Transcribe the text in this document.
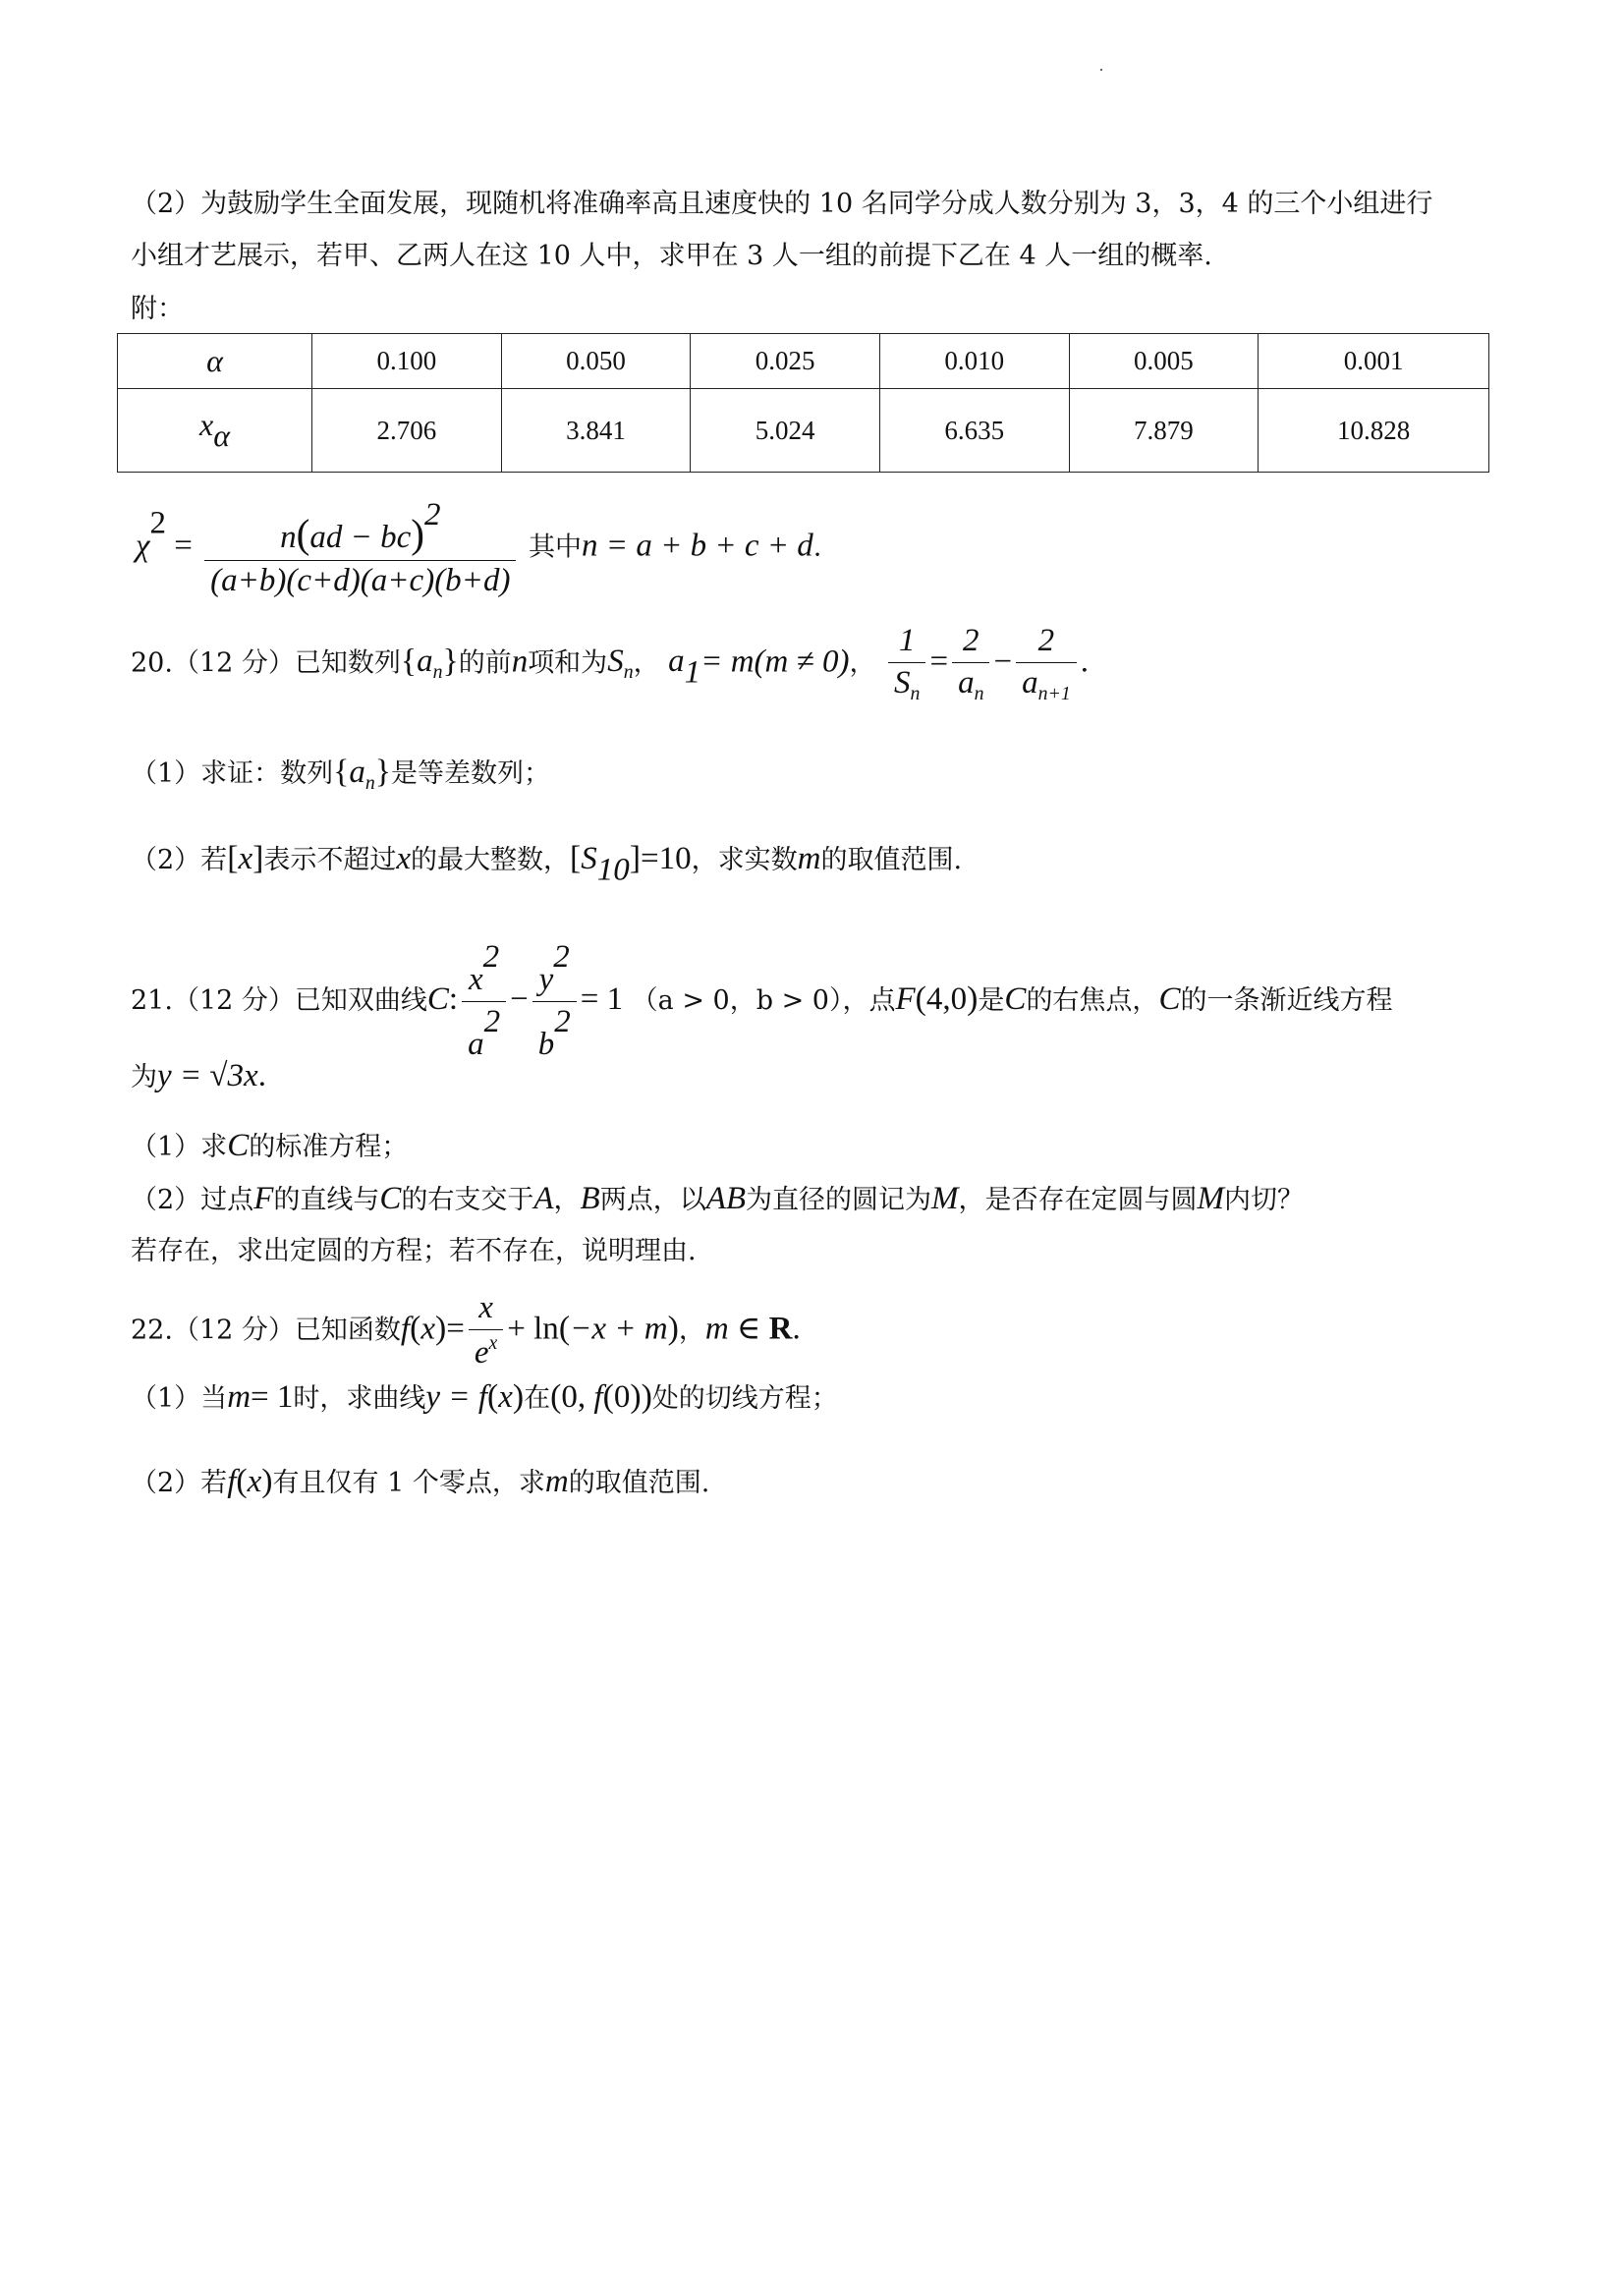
（2）为鼓励学生全面发展，现随机将准确率高且速度快的 10 名同学分成人数分别为 3，3，4 的三个小组进行
小组才艺展示，若甲、乙两人在这 10 人中，求甲在 3 人一组的前提下乙在 4 人一组的概率.
附：
α	0.100	0.050	0.025	0.010	0.005	0.001
$x_\alpha$	2.706	3.841	5.024	6.635	7.879	10.828
$\chi^2 = \frac{n(ad - bc)^2}{(a+b)(c+d)(a+c)(b+d)}$ 其中n = a + b + c + d.
20.（12 分）已知数列$\{a_n\}$的前n项和为$S_n$， $a_1= m(m \ne 0)$， $\frac{1}{S_n} = \frac{2}{a_n} - \frac{2}{a_{n+1}}$ .
（1）求证：数列$\{a_n\}$是等差数列；
（2）若[x]表示不超过x的最大整数，$[S_{10}]=10$，求实数m的取值范围.
21.（12 分）已知双曲线C: $\frac{x^2}{a^2} - \frac{y^2}{b^2} = 1$ （a > 0，b > 0），点F(4,0)是C的右焦点，C的一条渐近线方程
为y = √3x.
（1）求C的标准方程；
（2）过点F的直线与C的右支交于A，B两点，以AB为直径的圆记为M，是否存在定圆与圆M内切？
若存在，求出定圆的方程；若不存在，说明理由.
22.（12 分）已知函数$f(x)= \frac{x}{e^x} + \ln(-x + m)$，m ∈ R.
（1）当m= 1时，求曲线y = f(x)在(0, f(0))处的切线方程；
（2）若f(x)有且仅有 1 个零点，求m的取值范围.
